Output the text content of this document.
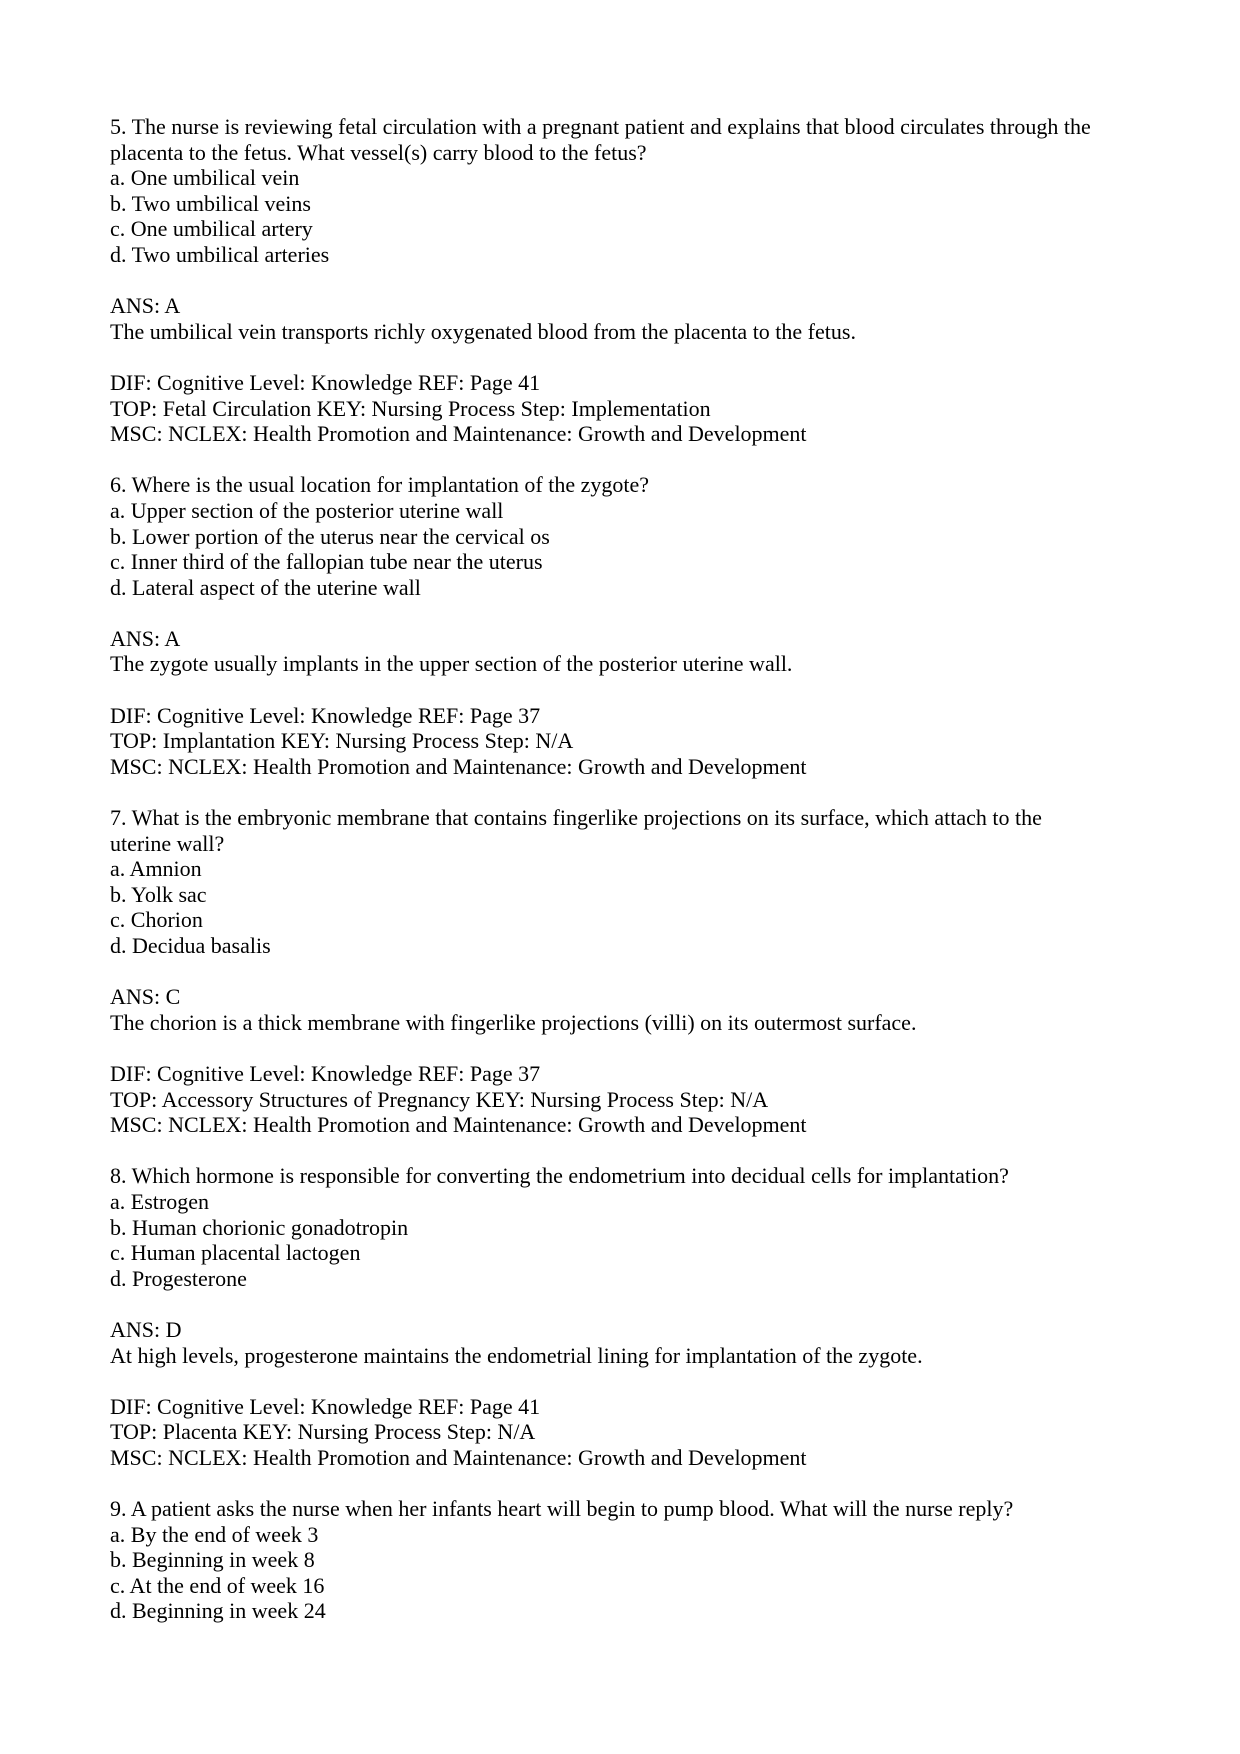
5. The nurse is reviewing fetal circulation with a pregnant patient and explains that blood circulates through the
placenta to the fetus. What vessel(s) carry blood to the fetus?
a. One umbilical vein
b. Two umbilical veins
c. One umbilical artery
d. Two umbilical arteries
ANS: A
The umbilical vein transports richly oxygenated blood from the placenta to the fetus.
DIF: Cognitive Level: Knowledge REF: Page 41
TOP: Fetal Circulation KEY: Nursing Process Step: Implementation
MSC: NCLEX: Health Promotion and Maintenance: Growth and Development
6. Where is the usual location for implantation of the zygote?
a. Upper section of the posterior uterine wall
b. Lower portion of the uterus near the cervical os
c. Inner third of the fallopian tube near the uterus
d. Lateral aspect of the uterine wall
ANS: A
The zygote usually implants in the upper section of the posterior uterine wall.
DIF: Cognitive Level: Knowledge REF: Page 37
TOP: Implantation KEY: Nursing Process Step: N/A
MSC: NCLEX: Health Promotion and Maintenance: Growth and Development
7. What is the embryonic membrane that contains fingerlike projections on its surface, which attach to the
uterine wall?
a. Amnion
b. Yolk sac
c. Chorion
d. Decidua basalis
ANS: C
The chorion is a thick membrane with fingerlike projections (villi) on its outermost surface.
DIF: Cognitive Level: Knowledge REF: Page 37
TOP: Accessory Structures of Pregnancy KEY: Nursing Process Step: N/A
MSC: NCLEX: Health Promotion and Maintenance: Growth and Development
8. Which hormone is responsible for converting the endometrium into decidual cells for implantation?
a. Estrogen
b. Human chorionic gonadotropin
c. Human placental lactogen
d. Progesterone
ANS: D
At high levels, progesterone maintains the endometrial lining for implantation of the zygote.
DIF: Cognitive Level: Knowledge REF: Page 41
TOP: Placenta KEY: Nursing Process Step: N/A
MSC: NCLEX: Health Promotion and Maintenance: Growth and Development
9. A patient asks the nurse when her infants heart will begin to pump blood. What will the nurse reply?
a. By the end of week 3
b. Beginning in week 8
c. At the end of week 16
d. Beginning in week 24
